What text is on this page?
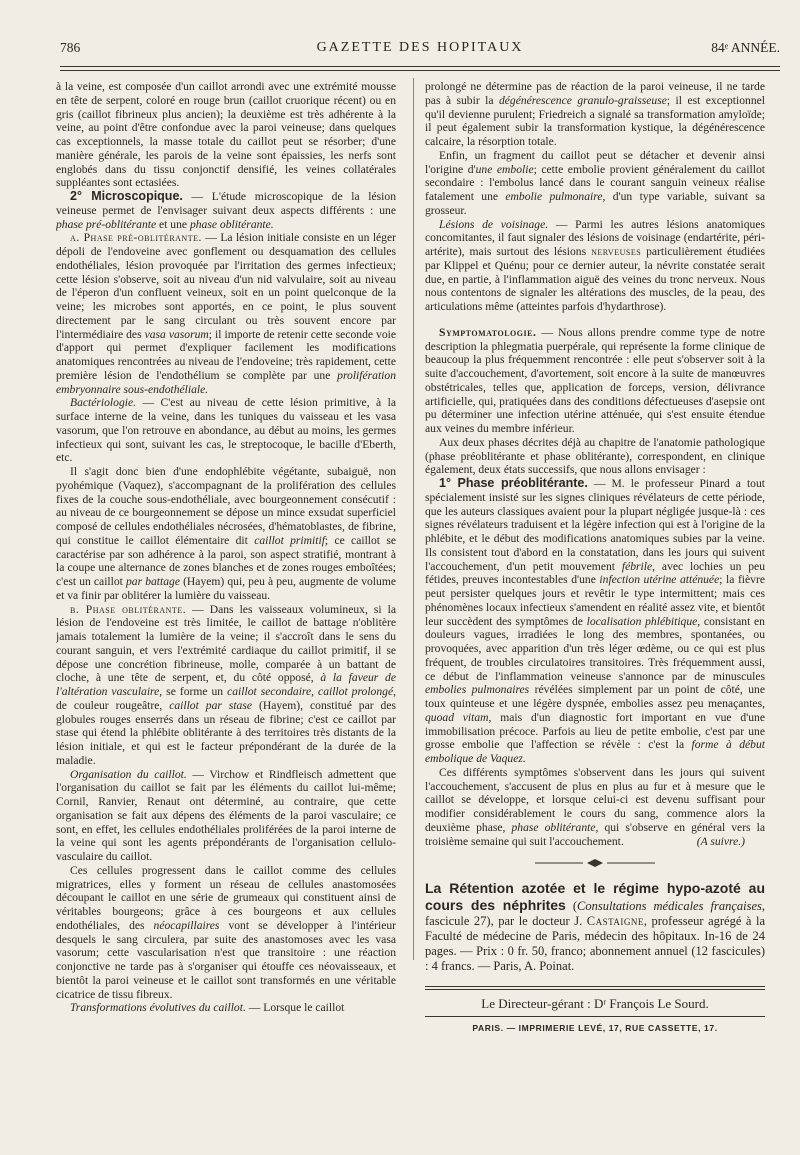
786	GAZETTE DES HOPITAUX	84ᵉ ANNÉE.

à la veine, est composée d'un caillot arrondi avec une extrémité mousse en tête de serpent, coloré en rouge brun (caillot cruorique récent) ou en gris (caillot fibrineux plus ancien); la deuxième est très adhérente à la veine, au point d'être confondue avec la paroi veineuse; dans quelques cas exceptionnels, la masse totale du caillot peut se résorber; d'une manière générale, les parois de la veine sont épaissies, les nerfs sont englobés dans du tissu conjonctif densifié, les veines collatérales suppléantes sont ectasiées.

2° Microscopique. — L'étude microscopique de la lésion veineuse permet de l'envisager suivant deux aspects différents : une phase pré-oblitérante et une phase oblitérante.

a. Phase pré-oblitérante. — La lésion initiale consiste en un léger dépoli de l'endoveine avec gonflement ou desquamation des cellules endothéliales, lésion provoquée par l'irritation des germes infectieux; cette lésion s'observe, soit au niveau d'un nid valvulaire, soit au niveau de l'éperon d'un confluent veineux, soit en un point quelconque de la veine; les microbes sont apportés, en ce point, le plus souvent directement par le sang circulant ou très souvent encore par l'intermédiaire des vasa vasorum; il importe de retenir cette seconde voie d'apport qui permet d'expliquer facilement les modifications anatomiques rencontrées au niveau de l'endoveine; très rapidement, cette première lésion de l'endothélium se complète par une prolifération embryonnaire sous-endothéliale.

Bactériologie. — C'est au niveau de cette lésion primitive, à la surface interne de la veine, dans les tuniques du vaisseau et les vasa vasorum, que l'on retrouve en abondance, au début au moins, les germes infectieux qui sont, suivant les cas, le streptocoque, le bacille d'Eberth, etc.

Il s'agit donc bien d'une endophlébite végétante, subaiguë, non pyohémique (Vaquez), s'accompagnant de la prolifération des cellules fixes de la couche sous-endothéliale, avec bourgeonnement consécutif : au niveau de ce bourgeonnement se dépose un mince exsudat superficiel composé de cellules endothéliales nécrosées, d'hématoblastes, de fibrine, qui constitue le caillot élémentaire dit caillot primitif; ce caillot se caractérise par son adhérence à la paroi, son aspect stratifié, montrant à la coupe une alternance de zones blanches et de zones rouges emboîtées; c'est un caillot par battage (Hayem) qui, peu à peu, augmente de volume et va finir par oblitérer la lumière du vaisseau.

b. Phase oblitérante. — Dans les vaisseaux volumineux, si la lésion de l'endoveine est très limitée, le caillot de battage n'oblitère jamais totalement la lumière de la veine; il s'accroît dans le sens du courant sanguin, et vers l'extrémité cardiaque du caillot primitif, il se dépose une concrétion fibrineuse, molle, comparée à un battant de cloche, à une tête de serpent, et, du côté opposé, à la faveur de l'altération vasculaire, se forme un caillot secondaire, caillot prolongé, de couleur rougeâtre, caillot par stase (Hayem), constitué par des globules rouges enserrés dans un réseau de fibrine; c'est ce caillot par stase qui étend la phlébite oblitérante à des territoires très distants de la lésion initiale, et qui est le facteur prépondérant de la durée de la maladie.

Organisation du caillot. — Virchow et Rindfleisch admettent que l'organisation du caillot se fait par les éléments du caillot lui-même; Cornil, Ranvier, Renaut ont déterminé, au contraire, que cette organisation se fait aux dépens des éléments de la paroi vasculaire; ce sont, en effet, les cellules endothéliales proliférées de la paroi interne de la veine qui sont les agents prépondérants de l'organisation cellulo-vasculaire du caillot.

Ces cellules progressent dans le caillot comme des cellules migratrices, elles y forment un réseau de cellules anastomosées découpant le caillot en une série de grumeaux qui constituent ainsi de véritables bourgeons; grâce à ces bourgeons et aux cellules endothéliales, des néocapillaires vont se développer à l'intérieur desquels le sang circulera, par suite des anastomoses avec les vasa vasorum; cette vascularisation n'est que transitoire : une réaction conjonctive ne tarde pas à s'organiser qui étouffe ces néovaisseaux, et bientôt la paroi veineuse et le caillot sont transformés en une véritable cicatrice de tissu fibreux.

Transformations évolutives du caillot. — Lorsque le caillot

prolongé ne détermine pas de réaction de la paroi veineuse, il ne tarde pas à subir la dégénérescence granulo-graisseuse; il est exceptionnel qu'il devienne purulent; Friedreich a signalé sa transformation amyloïde; il peut également subir la transformation kystique, la dégénérescence calcaire, la résorption totale.

Enfin, un fragment du caillot peut se détacher et devenir ainsi l'origine d'une embolie; cette embolie provient généralement du caillot secondaire : l'embolus lancé dans le courant sanguin veineux réalise fatalement une embolie pulmonaire, d'un type variable, suivant sa grosseur.

Lésions de voisinage. — Parmi les autres lésions anatomiques concomitantes, il faut signaler des lésions de voisinage (endartérite, péri-artérite), mais surtout des lésions nerveuses particulièrement étudiées par Klippel et Quénu; pour ce dernier auteur, la névrite constatée serait due, en partie, à l'inflammation aiguë des veines du tronc nerveux. Nous nous contentons de signaler les altérations des muscles, de la peau, des articulations même (atteintes parfois d'hydarthrose).

Symptomatologie. — Nous allons prendre comme type de notre description la phlegmatia puerpérale, qui représente la forme clinique de beaucoup la plus fréquemment rencontrée : elle peut s'observer soit à la suite d'accouchement, d'avortement, soit encore à la suite de manœuvres obstétricales, telles que, application de forceps, version, délivrance artificielle, qui, pratiquées dans des conditions défectueuses d'asepsie ont pu déterminer une infection utérine atténuée, qui s'est ensuite étendue aux veines du membre inférieur.

Aux deux phases décrites déjà au chapitre de l'anatomie pathologique (phase préoblitérante et phase oblitérante), correspondent, en clinique également, deux états successifs, que nous allons envisager :

1° Phase préoblitérante. — M. le professeur Pinard a tout spécialement insisté sur les signes cliniques révélateurs de cette période, que les auteurs classiques avaient pour la plupart négligée jusque-là : ces signes révélateurs traduisent et la légère infection qui est à l'origine de la phlébite, et le début des modifications anatomiques subies par la veine. Ils consistent tout d'abord en la constatation, dans les jours qui suivent l'accouchement, d'un petit mouvement fébrile, avec lochies un peu fétides, preuves incontestables d'une infection utérine atténuée; la fièvre peut persister quelques jours et revêtir le type intermittent; mais ces phénomènes locaux infectieux s'amendent en réalité assez vite, et bientôt leur succèdent des symptômes de localisation phlébitique, consistant en douleurs vagues, irradiées le long des membres, spontanées, ou provoquées, avec apparition d'un très léger œdème, ou ce qui est plus fréquent, de troubles circulatoires transitoires. Très fréquemment aussi, ce début de l'inflammation veineuse s'annonce par de minuscules embolies pulmonaires révélées simplement par un point de côté, une toux quinteuse et une légère dyspnée, embolies assez peu menaçantes, quoad vitam, mais d'un diagnostic fort important en vue d'une immobilisation précoce. Parfois au lieu de petite embolie, c'est par une grosse embolie que l'affection se révèle : c'est la forme à début embolique de Vaquez.

Ces différents symptômes s'observent dans les jours qui suivent l'accouchement, s'accusent de plus en plus au fur et à mesure que le caillot se développe, et lorsque celui-ci est devenu suffisant pour modifier considérablement le cours du sang, commence alors la deuxième phase, phase oblitérante, qui s'observe en général vers la troisième semaine qui suit l'accouchement.	(A suivre.)

La Rétention azotée et le régime hypo-azoté au cours des néphrites (Consultations médicales françaises, fascicule 27), par le docteur J. Castaigne, professeur agrégé à la Faculté de médecine de Paris, médecin des hôpitaux. In-16 de 24 pages. — Prix : 0 fr. 50, franco; abonnement annuel (12 fascicules) : 4 francs. — Paris, A. Poinat.

Le Directeur-gérant : Dʳ François Le Sourd.
PARIS. — IMPRIMERIE LEVÉ, 17, RUE CASSETTE, 17.
